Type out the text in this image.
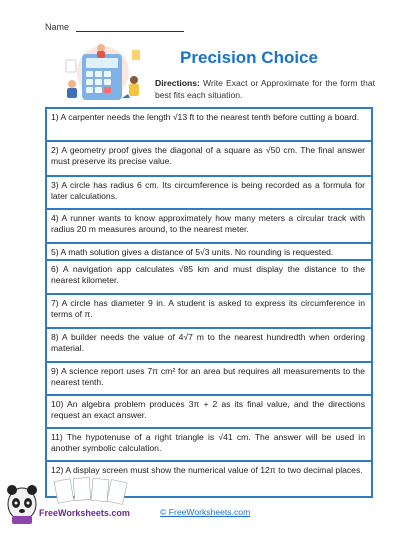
Name
Precision Choice
Directions: Write Exact or Approximate for the form that best fits each situation.
1) A carpenter needs the length √13 ft to the nearest tenth before cutting a board.
2) A geometry proof gives the diagonal of a square as √50 cm. The final answer must preserve its precise value.
3) A circle has radius 6 cm. Its circumference is being recorded as a formula for later calculations.
4) A runner wants to know approximately how many meters a circular track with radius 20 m measures around, to the nearest meter.
5) A math solution gives a distance of 5√3 units. No rounding is requested.
6) A navigation app calculates √85 km and must display the distance to the nearest kilometer.
7) A circle has diameter 9 in. A student is asked to express its circumference in terms of π.
8) A builder needs the value of 4√7 m to the nearest hundredth when ordering material.
9) A science report uses 7π cm² for an area but requires all measurements to the nearest tenth.
10) An algebra problem produces 3π + 2 as its final value, and the directions request an exact answer.
11) The hypotenuse of a right triangle is √41 cm. The answer will be used in another symbolic calculation.
12) A display screen must show the numerical value of 12π to two decimal places.
FreeWorksheets.com	© FreeWorksheets.com
